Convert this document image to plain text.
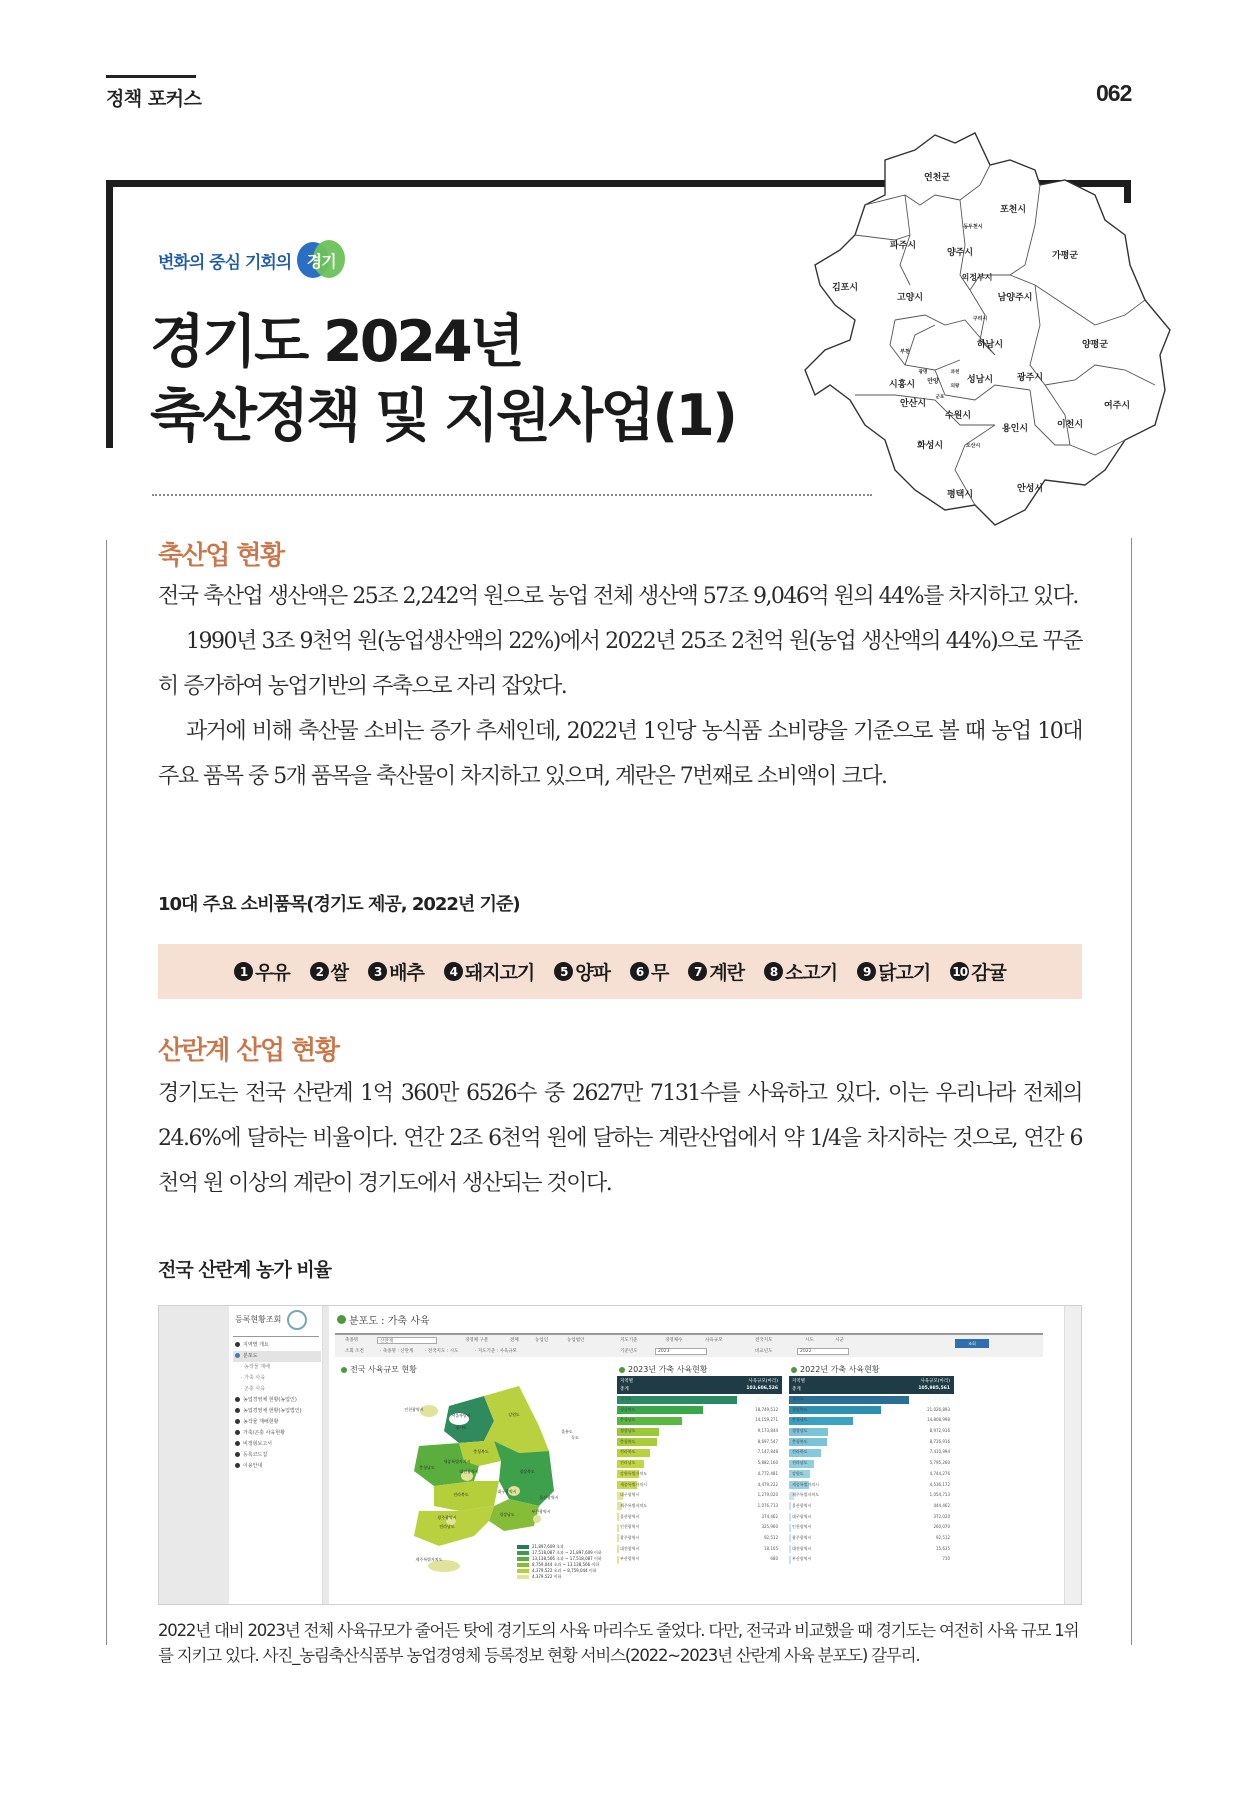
정책 포커스	062
변화의 중심 기회의 경기
경기도 2024년
축산정책 및 지원사업(1)
연천군
포천시
동두천시
파주시
양주시	가평군
김포시
의정부시
고양시	남양주시
구리시
하남시	양평군
부천
광명	과천
시흥시 안양	성남시	광주시
의왕
안산시
군포
수원시
여주시
용인시	이천시
화성시	오산시
안성시
평택시
축산업 현황

전국 축산업 생산액은 25조 2,242억 원으로 농업 전체 생산액 57조 9,046억 원의 44%를 차지하고 있다.

1990년 3조 9천억 원(농업생산액의 22%)에서 2022년 25조 2천억 원(농업 생산액의 44%)으로 꾸준히 증가하여 농업기반의 주축으로 자리 잡았다.

과거에 비해 축산물 소비는 증가 추세인데, 2022년 1인당 농식품 소비량을 기준으로 볼 때 농업 10대 주요 품목 중 5개 품목을 축산물이 차지하고 있으며, 계란은 7번째로 소비액이 크다.

10대 주요 소비품목(경기도 제공, 2022년 기준)
1 우유	2 쌀	3 배추	4 돼지고기	5 양파	6 무	7 계란	8 소고기	9 닭고기 10 감귤
산란계 산업 현황

경기도는 전국 산란계 1억 360만 6526수 중 2627만 7131수를 사육하고 있다. 이는 우리나라 전체의 24.6%에 달하는 비율이다. 연간 2조 6천억 원에 달하는 계란산업에서 약 1/4을 차지하는 것으로, 연간 6천억 원 이상의 계란이 경기도에서 생산되는 것이다.

전국 산란계 농가 비율
등록현황조회
지역별 개요
분포도
· 농작물 재배
· 가축 사육
· 곤충 사육
농업경영체 현황(농업인)
농업경영체 현황(농업법인)
농작물 재배현황
가축/곤충 사육현황
비정형보고서
등록코드집
이용안내
분포도 : 가축 사육
축종명	산란계	경영체 구분	전체	농업인	농업법인	지도기준	경영체수	사육규모	전국지도	시도	시군
조회 조건	· 축종명 : 산란계	· 전국지도 : 시도	· 지도기준 : 사육규모	기준년도	2023	비교년도	2022
조회
전국 사육규모 현황
인천광역시
서울특별시
경기도
강원도
충청북도
세종특별자치시
충청남도
대전광역시	경상북도
대구광역시
전라북도
울산광역시
경상남도
광주광역시
부산광역시
전라남도
제주특별자치도
울릉도
독도
21,897,609 초과
17,518,087 초과 ~ 21,897,609 이하
13,138,566 초과 ~ 17,518,087 이하
8,759,044 초과 ~ 13,138,566 이하
4,379,522 초과 ~ 8,759,044 이하
4,379,522 이하
2023년 가축 사육현황	2022년 가축 사육현황
지역별	사육규모(마리)
총계	103,606,526
경기도	26,277,131
경상북도	18,749,512
충청남도	14,159,271
경상남도	9,173,844
충청북도	8,697,547
전라북도	7,147,848
전라남도	5,882,160
강원특별자치도	4,772,481
세종특별자치시	4,479,222
대구광역시	1,279,020
제주특별자치도	1,076,713
울산광역시	374,462
인천광역시	325,960
광주광역시	92,512
대전광역시	18,165
부산광역시	680
지역별	사육규모(마리)
총계	105,985,561
경기도	27,574,612
경상북도	21,026,893
충청남도	14,808,998
경상남도	8,972,916
충청북도	8,726,916
전라북도	7,410,994
전라남도	5,795,260
강원도	4,744,276
세종특별자치시	4,536,172
제주특별자치도	1,054,713
울산광역시	444,462
대구광역시	372,020
인천광역시	260,070
광주광역시	92,512
대전광역시	15,635
부산광역시	710
2022년 대비 2023년 전체 사육규모가 줄어든 탓에 경기도의 사육 마리수도 줄었다. 다만, 전국과 비교했을 때 경기도는 여전히 사육 규모 1위를 지키고 있다. 사진_농림축산식품부 농업경영체 등록정보 현황 서비스(2022~2023년 산란계 사육 분포도) 갈무리.
